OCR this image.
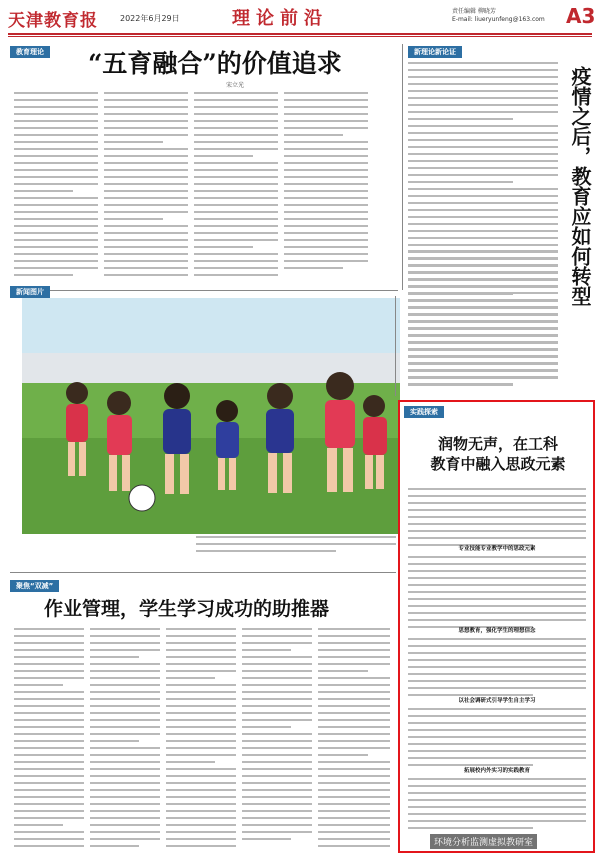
天津教育报	2022年6月29日	理论前沿	责任编辑 柳晓芳
E-mail: liueryunfeng@163.com A3
教育理论 “五育融合”的价值追求
宋立光
新理论新论证
疫情之后，教育应如何转型
新闻图片
聚焦“双减”
作业管理，学生学习成功的助推器
实践探索
润物无声，在工科
教育中融入思政元素
专业技能专业教学中的思政元素
思想教育，强化学生的理想信念
以社会调研式引导学生自主学习
拓展校内外实习的实践教育
环境分析监测虚拟教研室
